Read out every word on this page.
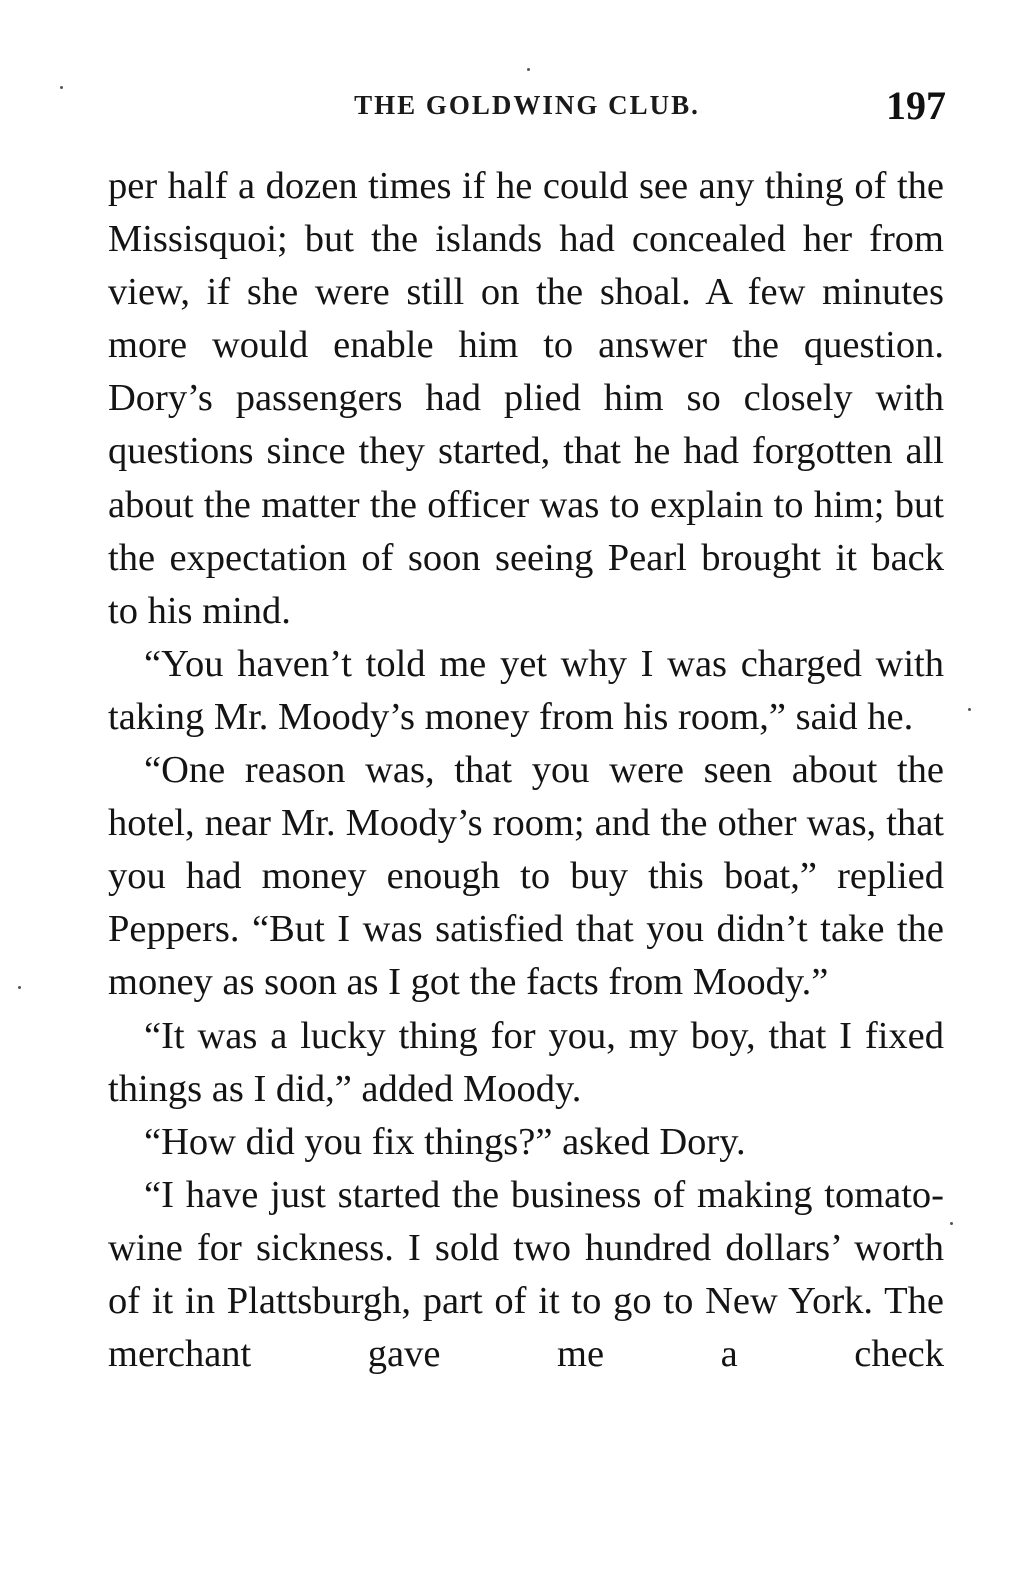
THE GOLDWING CLUB.	197

per half a dozen times if he could see any thing of the Missisquoi; but the islands had concealed her from view, if she were still on the shoal. A few minutes more would enable him to answer the question. Dory’s passengers had plied him so closely with questions since they started, that he had forgotten all about the matter the officer was to explain to him; but the expectation of soon seeing Pearl brought it back to his mind.

“You haven’t told me yet why I was charged with taking Mr. Moody’s money from his room,” said he.

“One reason was, that you were seen about the hotel, near Mr. Moody’s room; and the other was, that you had money enough to buy this boat,” replied Peppers. “But I was satisfied that you didn’t take the money as soon as I got the facts from Moody.”

“It was a lucky thing for you, my boy, that I fixed things as I did,” added Moody.

“How did you fix things?” asked Dory.

“I have just started the business of making tomato-wine for sickness. I sold two hundred dollars’ worth of it in Plattsburgh, part of it to go to New York. The merchant gave me a check
